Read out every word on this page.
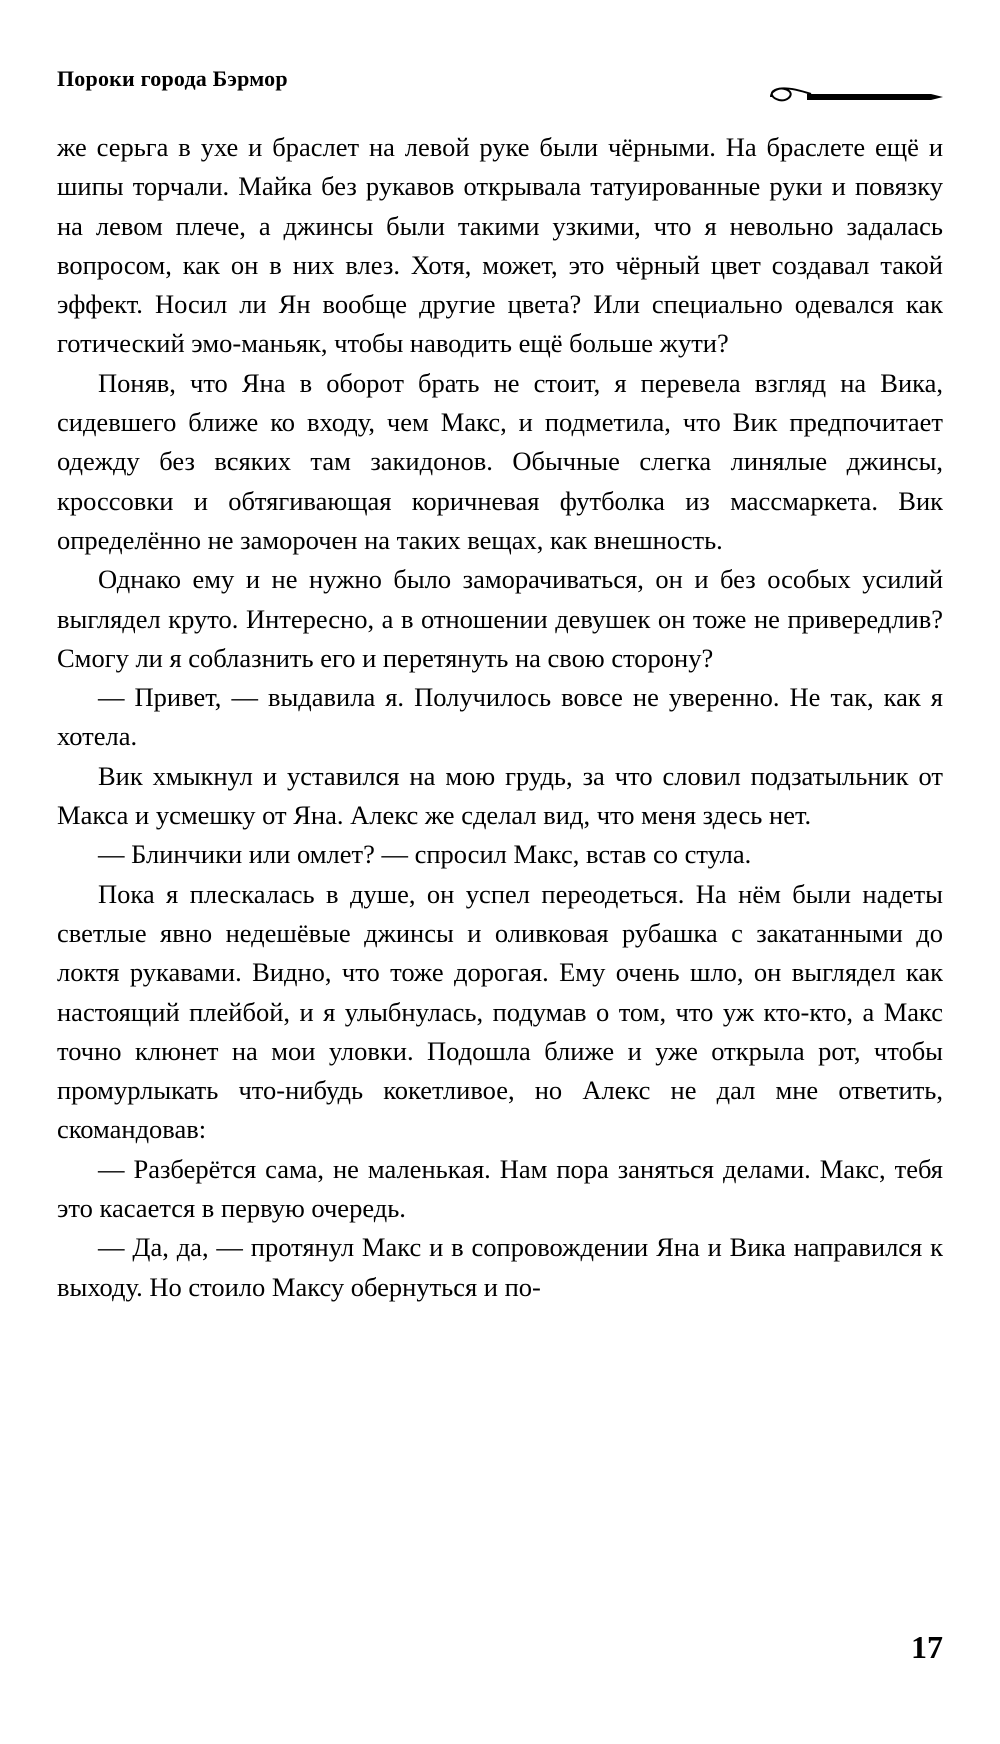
Пороки города Бэрмор

же серьга в ухе и браслет на левой руке были чёрными. На браслете ещё и шипы торчали. Майка без рукавов открывала татуированные руки и повязку на левом плече, а джинсы были такими узкими, что я невольно задалась вопросом, как он в них влез. Хотя, может, это чёрный цвет создавал такой эффект. Носил ли Ян вообще другие цвета? Или специально одевался как готический эмо-маньяк, чтобы наводить ещё больше жути?

Поняв, что Яна в оборот брать не стоит, я перевела взгляд на Вика, сидевшего ближе ко входу, чем Макс, и подметила, что Вик предпочитает одежду без всяких там закидонов. Обычные слегка линялые джинсы, кроссовки и обтягивающая коричневая футболка из массмаркета. Вик определённо не заморочен на таких вещах, как внешность.

Однако ему и не нужно было заморачиваться, он и без особых усилий выглядел круто. Интересно, а в отношении девушек он тоже не привередлив? Смогу ли я соблазнить его и перетянуть на свою сторону?

— Привет, — выдавила я. Получилось вовсе не уверенно. Не так, как я хотела.

Вик хмыкнул и уставился на мою грудь, за что словил подзатыльник от Макса и усмешку от Яна. Алекс же сделал вид, что меня здесь нет.

— Блинчики или омлет? — спросил Макс, встав со стула.

Пока я плескалась в душе, он успел переодеться. На нём были надеты светлые явно недешёвые джинсы и оливковая рубашка с закатанными до локтя рукавами. Видно, что тоже дорогая. Ему очень шло, он выглядел как настоящий плейбой, и я улыбнулась, подумав о том, что уж кто-кто, а Макс точно клюнет на мои уловки. Подошла ближе и уже открыла рот, чтобы промурлыкать что-нибудь кокетливое, но Алекс не дал мне ответить, скомандовав:

— Разберётся сама, не маленькая. Нам пора заняться делами. Макс, тебя это касается в первую очередь.

— Да, да, — протянул Макс и в сопровождении Яна и Вика направился к выходу. Но стоило Максу обернуться и по-

17
